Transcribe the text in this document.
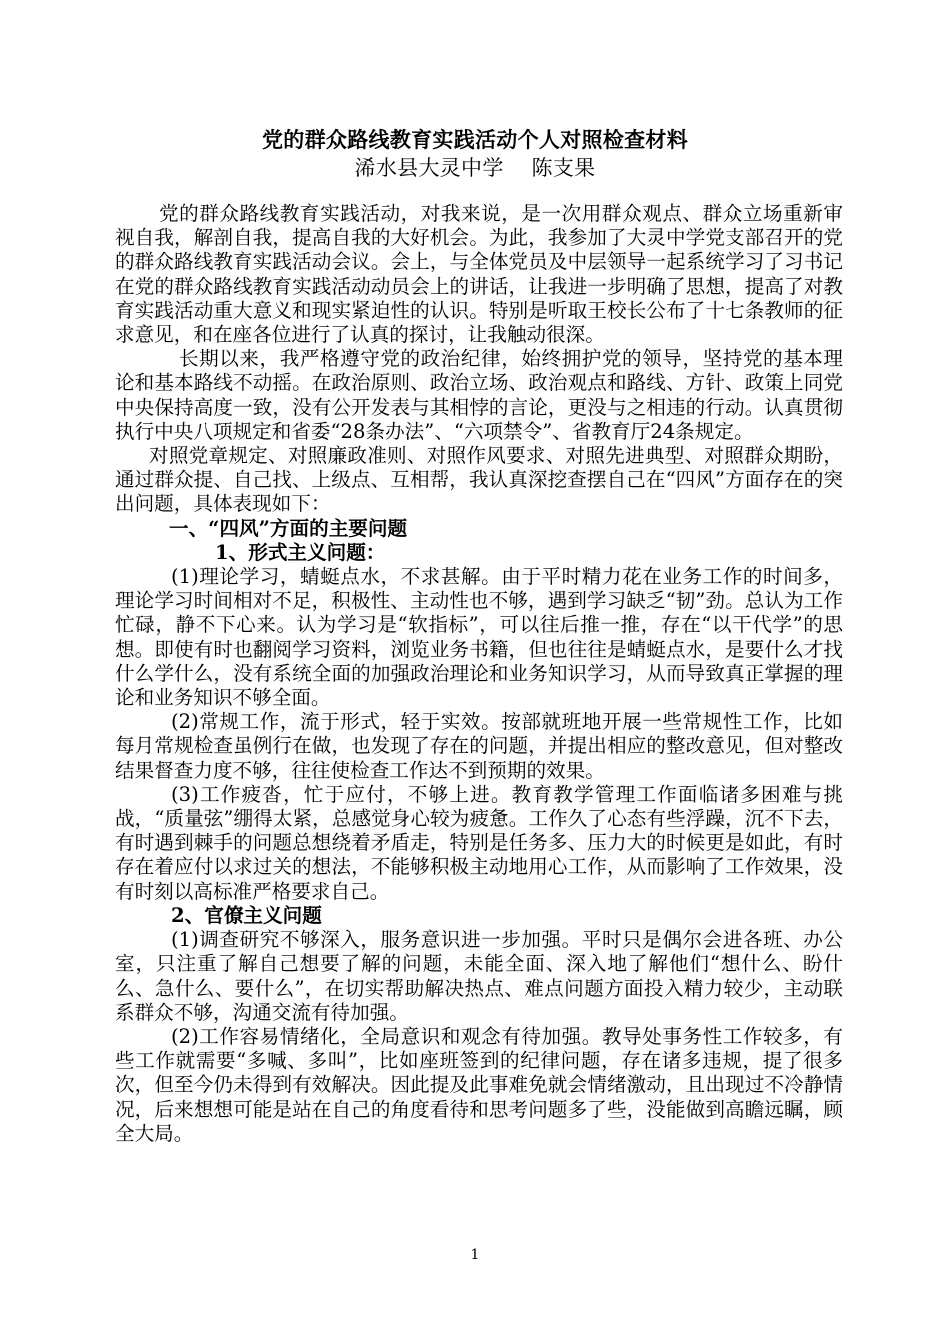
党的群众路线教育实践活动个人对照检查材料
浠水县大灵中学    陈支果

党的群众路线教育实践活动，对我来说，是一次用群众观点、群众立场重新审视自我，解剖自我，提高自我的大好机会。为此，我参加了大灵中学党支部召开的党的群众路线教育实践活动会议。会上，与全体党员及中层领导一起系统学习了习书记在党的群众路线教育实践活动动员会上的讲话，让我进一步明确了思想，提高了对教育实践活动重大意义和现实紧迫性的认识。特别是听取王校长公布了十七条教师的征求意见，和在座各位进行了认真的探讨，让我触动很深。

长期以来，我严格遵守党的政治纪律，始终拥护党的领导，坚持党的基本理论和基本路线不动摇。在政治原则、政治立场、政治观点和路线、方针、政策上同党中央保持高度一致，没有公开发表与其相悖的言论，更没与之相违的行动。认真贯彻执行中央八项规定和省委“28条办法”、“六项禁令”、省教育厅24条规定。

对照党章规定、对照廉政准则、对照作风要求、对照先进典型、对照群众期盼，通过群众提、自己找、上级点、互相帮，我认真深挖查摆自己在“四风”方面存在的突出问题，具体表现如下：

一、“四风”方面的主要问题

1、形式主义问题：

(1)理论学习，蜻蜓点水，不求甚解。由于平时精力花在业务工作的时间多，理论学习时间相对不足，积极性、主动性也不够，遇到学习缺乏“韧”劲。总认为工作忙碌，静不下心来。认为学习是“软指标”，可以往后推一推，存在“以干代学”的思想。即使有时也翻阅学习资料，浏览业务书籍，但也往往是蜻蜓点水，是要什么才找什么学什么，没有系统全面的加强政治理论和业务知识学习，从而导致真正掌握的理论和业务知识不够全面。

(2)常规工作，流于形式，轻于实效。按部就班地开展一些常规性工作，比如每月常规检查虽例行在做，也发现了存在的问题，并提出相应的整改意见，但对整改结果督查力度不够，往往使检查工作达不到预期的效果。

(3)工作疲沓，忙于应付，不够上进。教育教学管理工作面临诸多困难与挑战，“质量弦”绷得太紧，总感觉身心较为疲惫。工作久了心态有些浮躁，沉不下去，有时遇到棘手的问题总想绕着矛盾走，特别是任务多、压力大的时候更是如此，有时存在着应付以求过关的想法，不能够积极主动地用心工作，从而影响了工作效果，没有时刻以高标准严格要求自己。

2、官僚主义问题

(1)调查研究不够深入，服务意识进一步加强。平时只是偶尔会进各班、办公室，只注重了解自己想要了解的问题，未能全面、深入地了解他们“想什么、盼什么、急什么、要什么”，在切实帮助解决热点、难点问题方面投入精力较少，主动联系群众不够，沟通交流有待加强。

(2)工作容易情绪化，全局意识和观念有待加强。教导处事务性工作较多，有些工作就需要“多喊、多叫”，比如座班签到的纪律问题，存在诸多违规，提了很多次，但至今仍未得到有效解决。因此提及此事难免就会情绪激动，且出现过不冷静情况，后来想想可能是站在自己的角度看待和思考问题多了些，没能做到高瞻远瞩，顾全大局。

1
